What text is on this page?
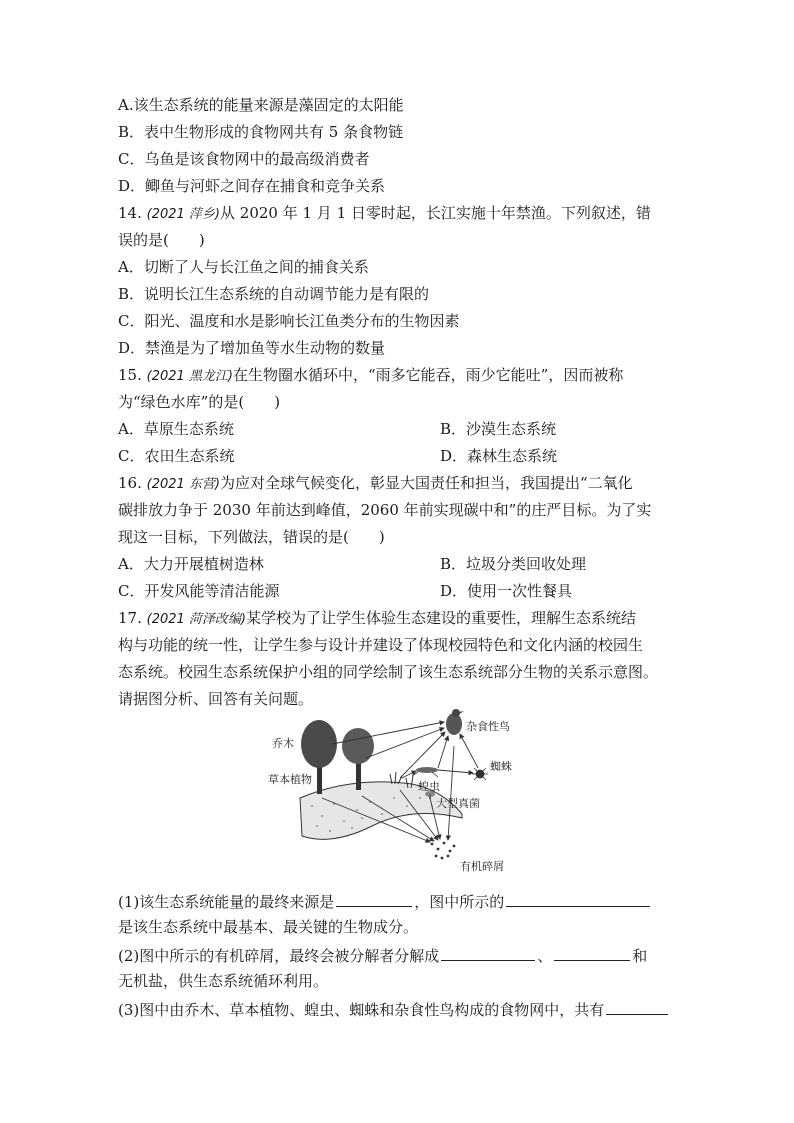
A.该生态系统的能量来源是藻固定的太阳能
B．表中生物形成的食物网共有 5 条食物链
C．乌鱼是该食物网中的最高级消费者
D．鲫鱼与河虾之间存在捕食和竞争关系
14. (2021 萍乡)从 2020 年 1 月 1 日零时起，长江实施十年禁渔。下列叙述，错
误的是(　　)
A．切断了人与长江鱼之间的捕食关系
B．说明长江生态系统的自动调节能力是有限的
C．阳光、温度和水是影响长江鱼类分布的生物因素
D．禁渔是为了增加鱼等水生动物的数量
15. (2021 黑龙江)在生物圈水循环中，“雨多它能吞，雨少它能吐”，因而被称
为“绿色水库”的是(　　)
A．草原生态系统	B．沙漠生态系统
C．农田生态系统	D．森林生态系统
16. (2021 东营)为应对全球气候变化，彰显大国责任和担当，我国提出“二氧化
碳排放力争于 2030 年前达到峰值，2060 年前实现碳中和”的庄严目标。为了实
现这一目标，下列做法，错误的是(　　)
A．大力开展植树造林	B．垃圾分类回收处理
C．开发风能等清洁能源	D．使用一次性餐具
17. (2021 菏泽改编)某学校为了让学生体验生态建设的重要性，理解生态系统结
构与功能的统一性，让学生参与设计并建设了体现校园特色和文化内涵的校园生
态系统。校园生态系统保护小组的同学绘制了该生态系统部分生物的关系示意图。
请据图分析、回答有关问题。
乔木
草本植物
杂食性鸟
蜘蛛
蝗虫
大型真菌
有机碎屑
(1)该生态系统能量的最终来源是	，图中所示的
是该生态系统中最基本、最关键的生物成分。
(2)图中所示的有机碎屑，最终会被分解者分解成	、	和
无机盐，供生态系统循环利用。
(3)图中由乔木、草本植物、蝗虫、蜘蛛和杂食性鸟构成的食物网中，共有
